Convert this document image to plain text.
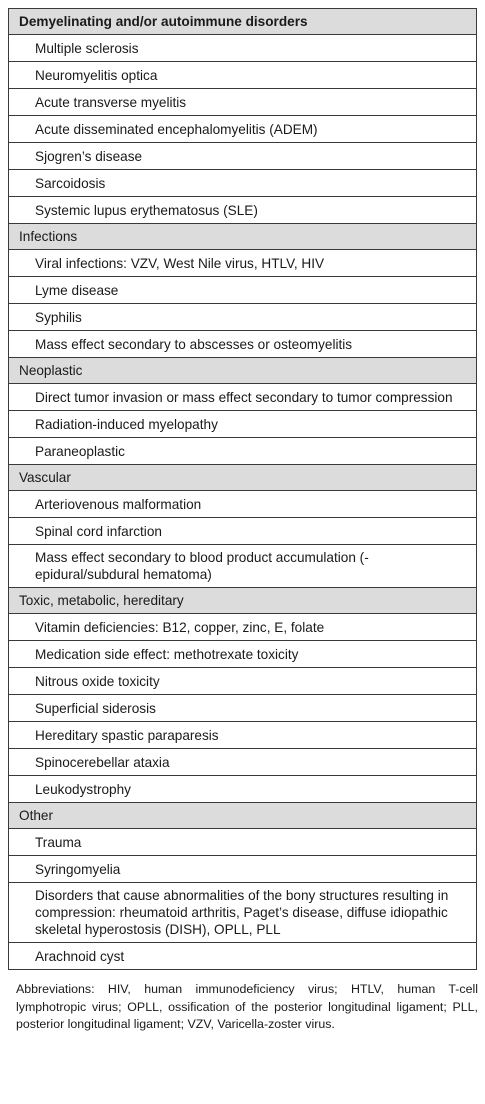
Demyelinating and/or autoimmune disorders
Multiple sclerosis
Neuromyelitis optica
Acute transverse myelitis
Acute disseminated encephalomyelitis (ADEM)
Sjogren’s disease
Sarcoidosis
Systemic lupus erythematosus (SLE)
Infections
Viral infections: VZV, West Nile virus, HTLV, HIV
Lyme disease
Syphilis
Mass effect secondary to abscesses or osteomyelitis
Neoplastic
Direct tumor invasion or mass effect secondary to tumor compression
Radiation-induced myelopathy
Paraneoplastic
Vascular
Arteriovenous malformation
Spinal cord infarction
Mass effect secondary to blood product accumulation (-epidural/subdural hematoma)
Toxic, metabolic, hereditary
Vitamin deficiencies: B12, copper, zinc, E, folate
Medication side effect: methotrexate toxicity
Nitrous oxide toxicity
Superficial siderosis
Hereditary spastic paraparesis
Spinocerebellar ataxia
Leukodystrophy
Other
Trauma
Syringomyelia
Disorders that cause abnormalities of the bony structures resulting in compression: rheumatoid arthritis, Paget’s disease, diffuse idiopathic skeletal hyperostosis (DISH), OPLL, PLL
Arachnoid cyst
Abbreviations: HIV, human immunodeficiency virus; HTLV, human T-cell lymphotropic virus; OPLL, ossification of the posterior longitudinal ligament; PLL, posterior longitudinal ligament; VZV, Varicella-zoster virus.
